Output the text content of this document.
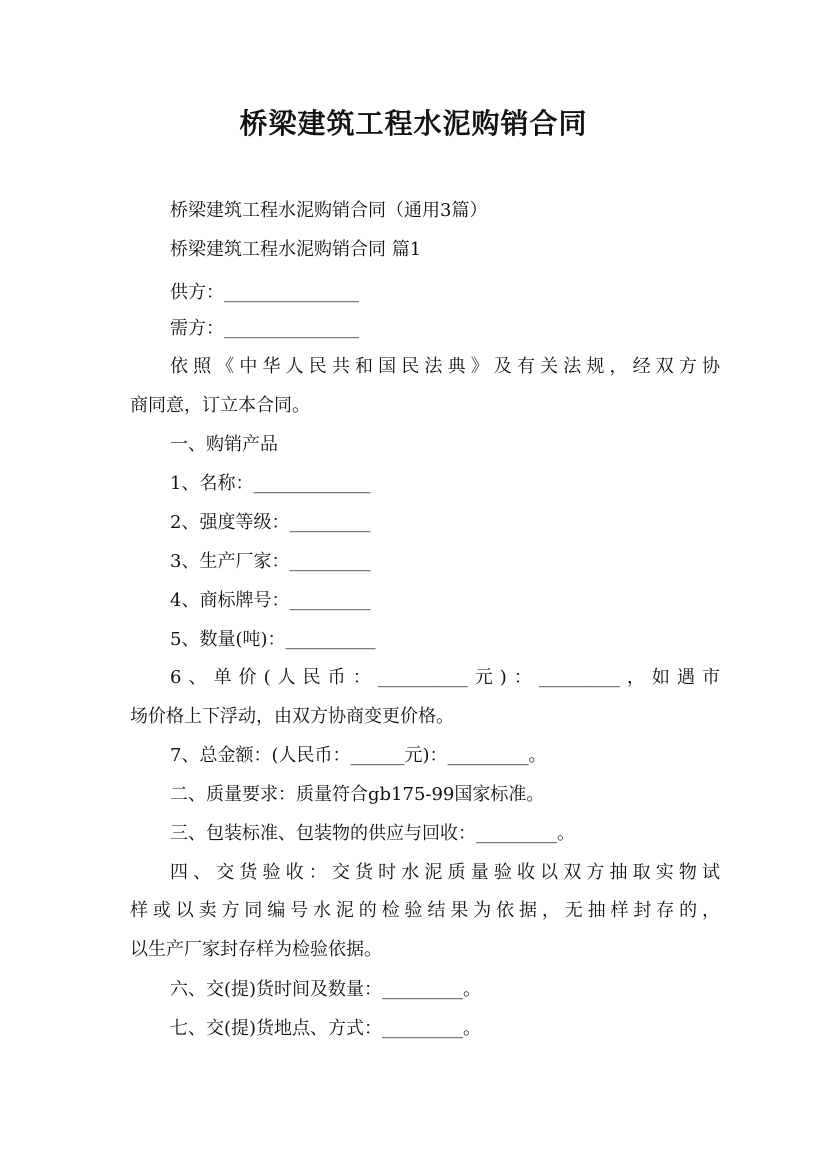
桥梁建筑工程水泥购销合同

桥梁建筑工程水泥购销合同（通用3篇）

桥梁建筑工程水泥购销合同 篇1

供方：_______________

需方：_______________

依照《中华人民共和国民法典》及有关法规，经双方协

商同意，订立本合同。

一、购销产品

1、名称：_____________

2、强度等级：_________

3、生产厂家：_________

4、商标牌号：_________

5、数量(吨)：__________

6、单价(人民币：__________元)：_________，如遇市

场价格上下浮动，由双方协商变更价格。

7、总金额：(人民币：______元)：_________。

二、质量要求：质量符合gb175-99国家标准。

三、包装标准、包装物的供应与回收：_________。

四、交货验收：交货时水泥质量验收以双方抽取实物试

样或以卖方同编号水泥的检验结果为依据，无抽样封存的，

以生产厂家封存样为检验依据。

六、交(提)货时间及数量：_________。

七、交(提)货地点、方式：_________。
